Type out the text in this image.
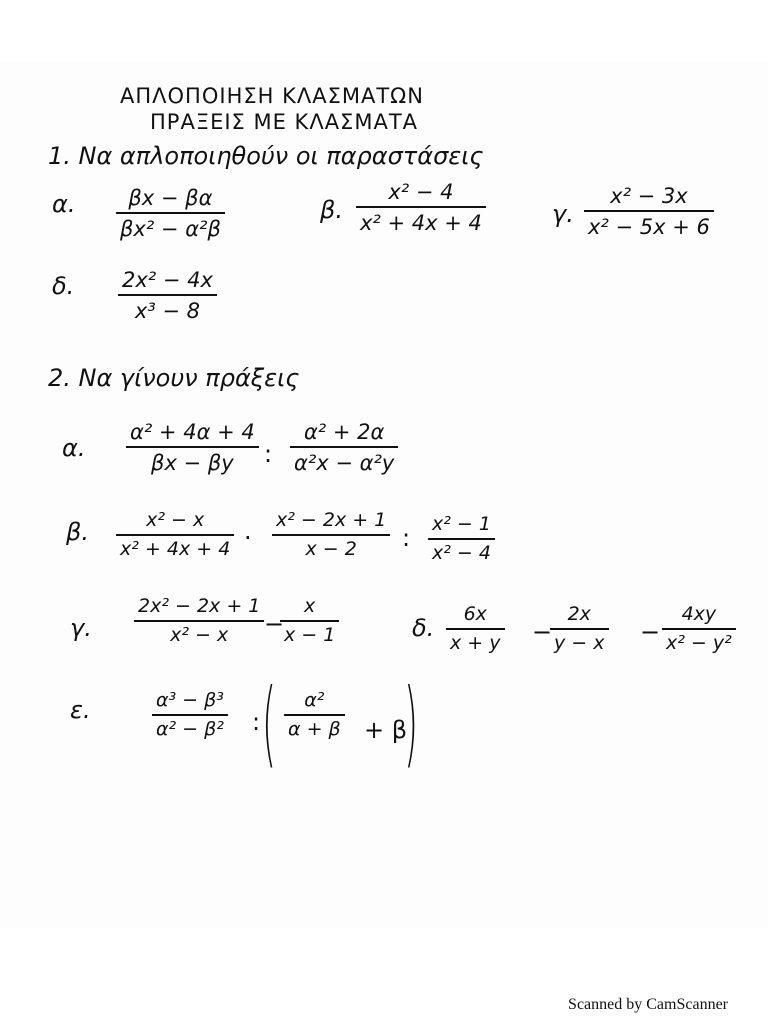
ΑΠΛΟΠΟΙΗΣΗ ΚΛΑΣΜΑΤΩΝ
ΠΡΑΞΕΙΣ ΜΕ ΚΛΑΣΜΑΤΑ
1. Να απλοποιηθούν οι παραστάσεις
α.	βx − βα
βx² − α²β
β.
x² − 4
x² + 4x + 4	γ.
x² − 3x
x² − 5x + 6
δ. 2x² − 4x
x³ − 8
2. Να γίνουν πράξεις
α.
α² + 4α + 4
βx − βy :
α² + 2α
α²x − α²y
β.	x² − x
x² + 4x + 4 ·
x² − 2x + 1
x − 2 : x² − 1
x² − 4
γ.
2x² − 2x + 1
x² − x −
x
x − 1	δ. 6x
x + y −
2x
y − x −
4xy
x² − y²
ε.	α³ − β³
α² − β² : ( α²
α + β + β
)
Scanned by CamScanner
